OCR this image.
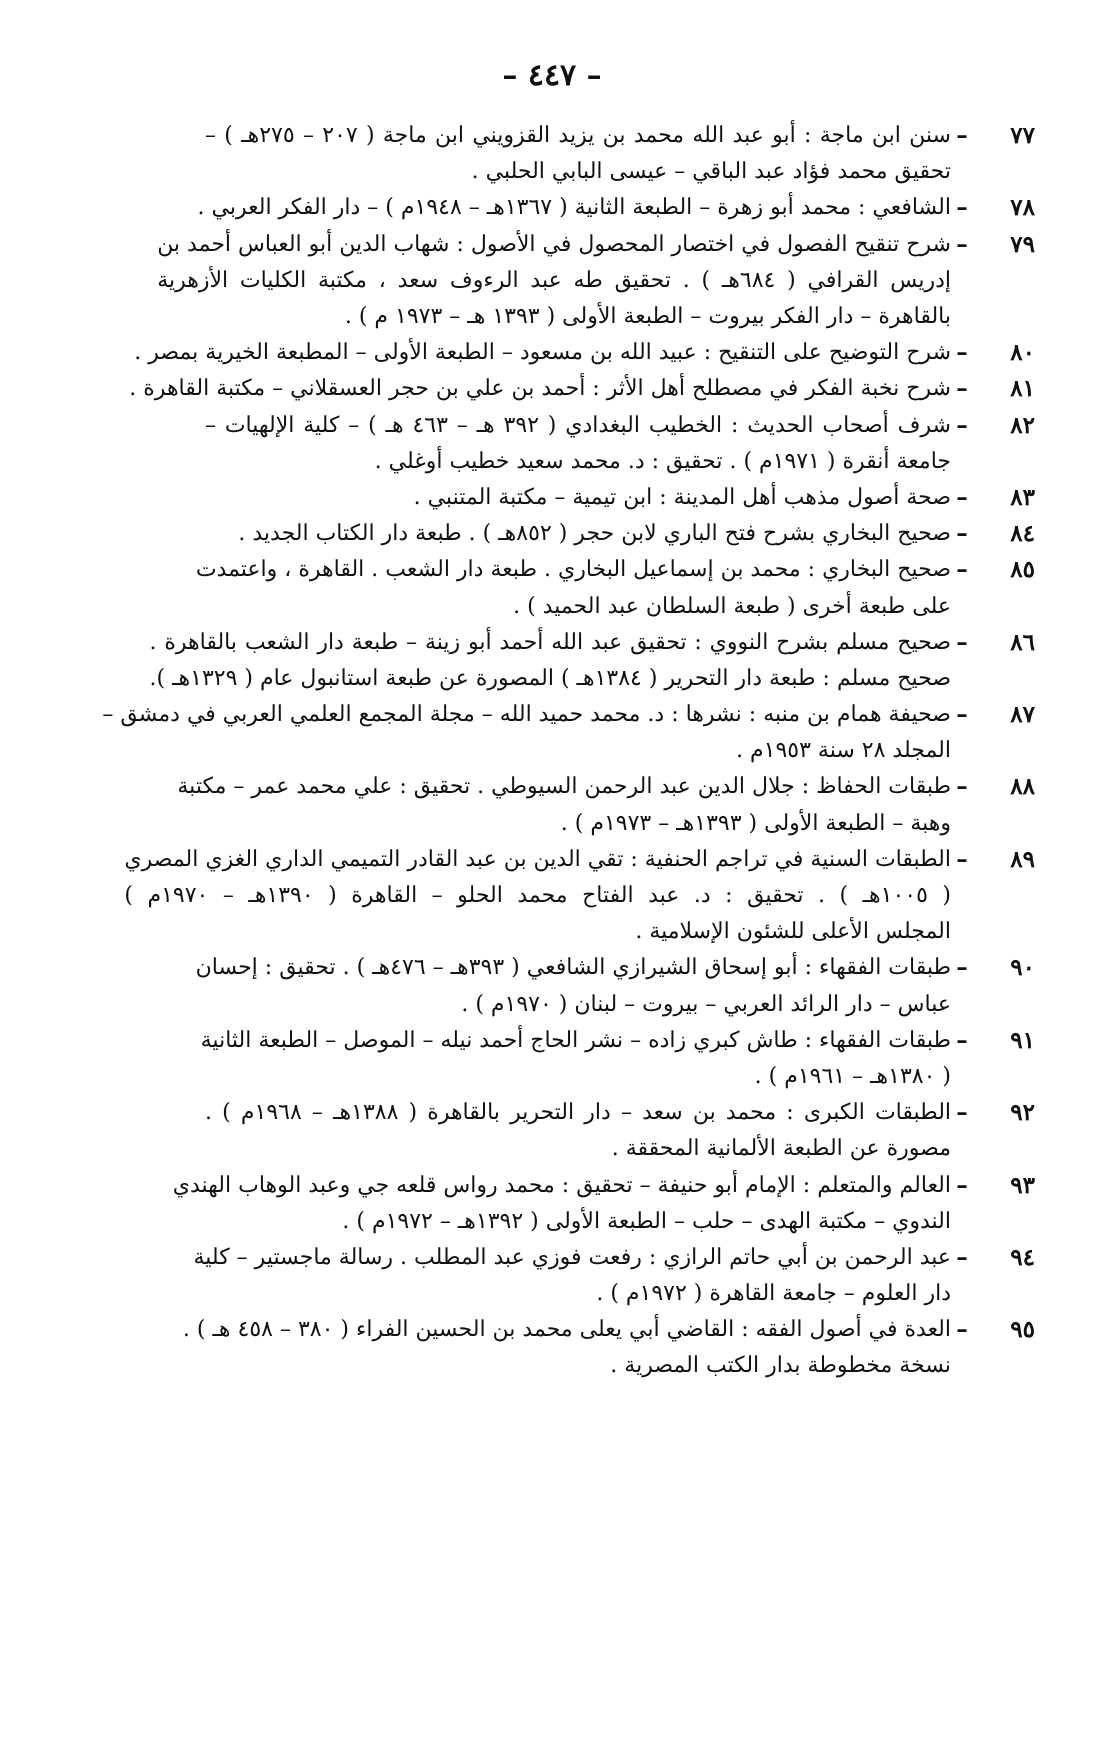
– ٤٤٧ –
٧٧
–
سنن ابن ماجة : أبو عبد الله محمد بن يزيد القزويني ابن ماجة ( ٢٠٧ – ٢٧٥هـ ) –
تحقيق محمد فؤاد عبد الباقي – عيسى البابي الحلبي .
٧٨
–
الشافعي : محمد أبو زهرة – الطبعة الثانية ( ١٣٦٧هـ – ١٩٤٨م ) – دار الفكر العربي .
٧٩
–
شرح تنقيح الفصول في اختصار المحصول في الأصول : شهاب الدين أبو العباس أحمد بن
إدريس القرافي ( ٦٨٤هـ ) . تحقيق طه عبد الرءوف سعد ، مكتبة الكليات الأزهرية
بالقاهرة – دار الفكر بيروت – الطبعة الأولى ( ١٣٩٣ هـ – ١٩٧٣ م ) .
٨٠
–
شرح التوضيح على التنقيح : عبيد الله بن مسعود – الطبعة الأولى – المطبعة الخيرية بمصر .
٨١
–
شرح نخبة الفكر في مصطلح أهل الأثر : أحمد بن علي بن حجر العسقلاني – مكتبة القاهرة .
٨٢
–
شرف أصحاب الحديث : الخطيب البغدادي ( ٣٩٢ هـ – ٤٦٣ هـ ) – كلية الإلهيات –
جامعة أنقرة ( ١٩٧١م ) . تحقيق : د. محمد سعيد خطيب أوغلي .
٨٣
–
صحة أصول مذهب أهل المدينة : ابن تيمية – مكتبة المتنبي .
٨٤
–
صحيح البخاري بشرح فتح الباري لابن حجر ( ٨٥٢هـ ) . طبعة دار الكتاب الجديد .
٨٥
–
صحيح البخاري : محمد بن إسماعيل البخاري . طبعة دار الشعب . القاهرة ، واعتمدت
على طبعة أخرى ( طبعة السلطان عبد الحميد ) .
٨٦
–
صحيح مسلم بشرح النووي : تحقيق عبد الله أحمد أبو زينة – طبعة دار الشعب بالقاهرة .
صحيح مسلم : طبعة دار التحرير ( ١٣٨٤هـ ) المصورة عن طبعة استانبول عام ( ١٣٢٩هـ ).
٨٧
–
صحيفة همام بن منبه : نشرها : د. محمد حميد الله – مجلة المجمع العلمي العربي في دمشق –
المجلد ٢٨ سنة ١٩٥٣م .
٨٨
–
طبقات الحفاظ : جلال الدين عبد الرحمن السيوطي . تحقيق : علي محمد عمر – مكتبة
وهبة – الطبعة الأولى ( ١٣٩٣هـ – ١٩٧٣م ) .
٨٩
–
الطبقات السنية في تراجم الحنفية : تقي الدين بن عبد القادر التميمي الداري الغزي المصري
( ١٠٠٥هـ ) . تحقيق : د. عبد الفتاح محمد الحلو – القاهرة ( ١٣٩٠هـ – ١٩٧٠م )
المجلس الأعلى للشئون الإسلامية .
٩٠
–
طبقات الفقهاء : أبو إسحاق الشيرازي الشافعي ( ٣٩٣هـ – ٤٧٦هـ ) . تحقيق : إحسان
عباس – دار الرائد العربي – بيروت – لبنان ( ١٩٧٠م ) .
٩١
–
طبقات الفقهاء : طاش كبري زاده – نشر الحاج أحمد نيله – الموصل – الطبعة الثانية
( ١٣٨٠هـ – ١٩٦١م ) .
٩٢
–
الطبقات الكبرى : محمد بن سعد – دار التحرير بالقاهرة ( ١٣٨٨هـ – ١٩٦٨م ) .
مصورة عن الطبعة الألمانية المحققة .
٩٣
–
العالم والمتعلم : الإمام أبو حنيفة – تحقيق : محمد رواس قلعه جي وعبد الوهاب الهندي
الندوي – مكتبة الهدى – حلب – الطبعة الأولى ( ١٣٩٢هـ – ١٩٧٢م ) .
٩٤
–
عبد الرحمن بن أبي حاتم الرازي : رفعت فوزي عبد المطلب . رسالة ماجستير – كلية
دار العلوم – جامعة القاهرة ( ١٩٧٢م ) .
٩٥
–
العدة في أصول الفقه : القاضي أبي يعلى محمد بن الحسين الفراء ( ٣٨٠ – ٤٥٨ هـ ) .
نسخة مخطوطة بدار الكتب المصرية .
